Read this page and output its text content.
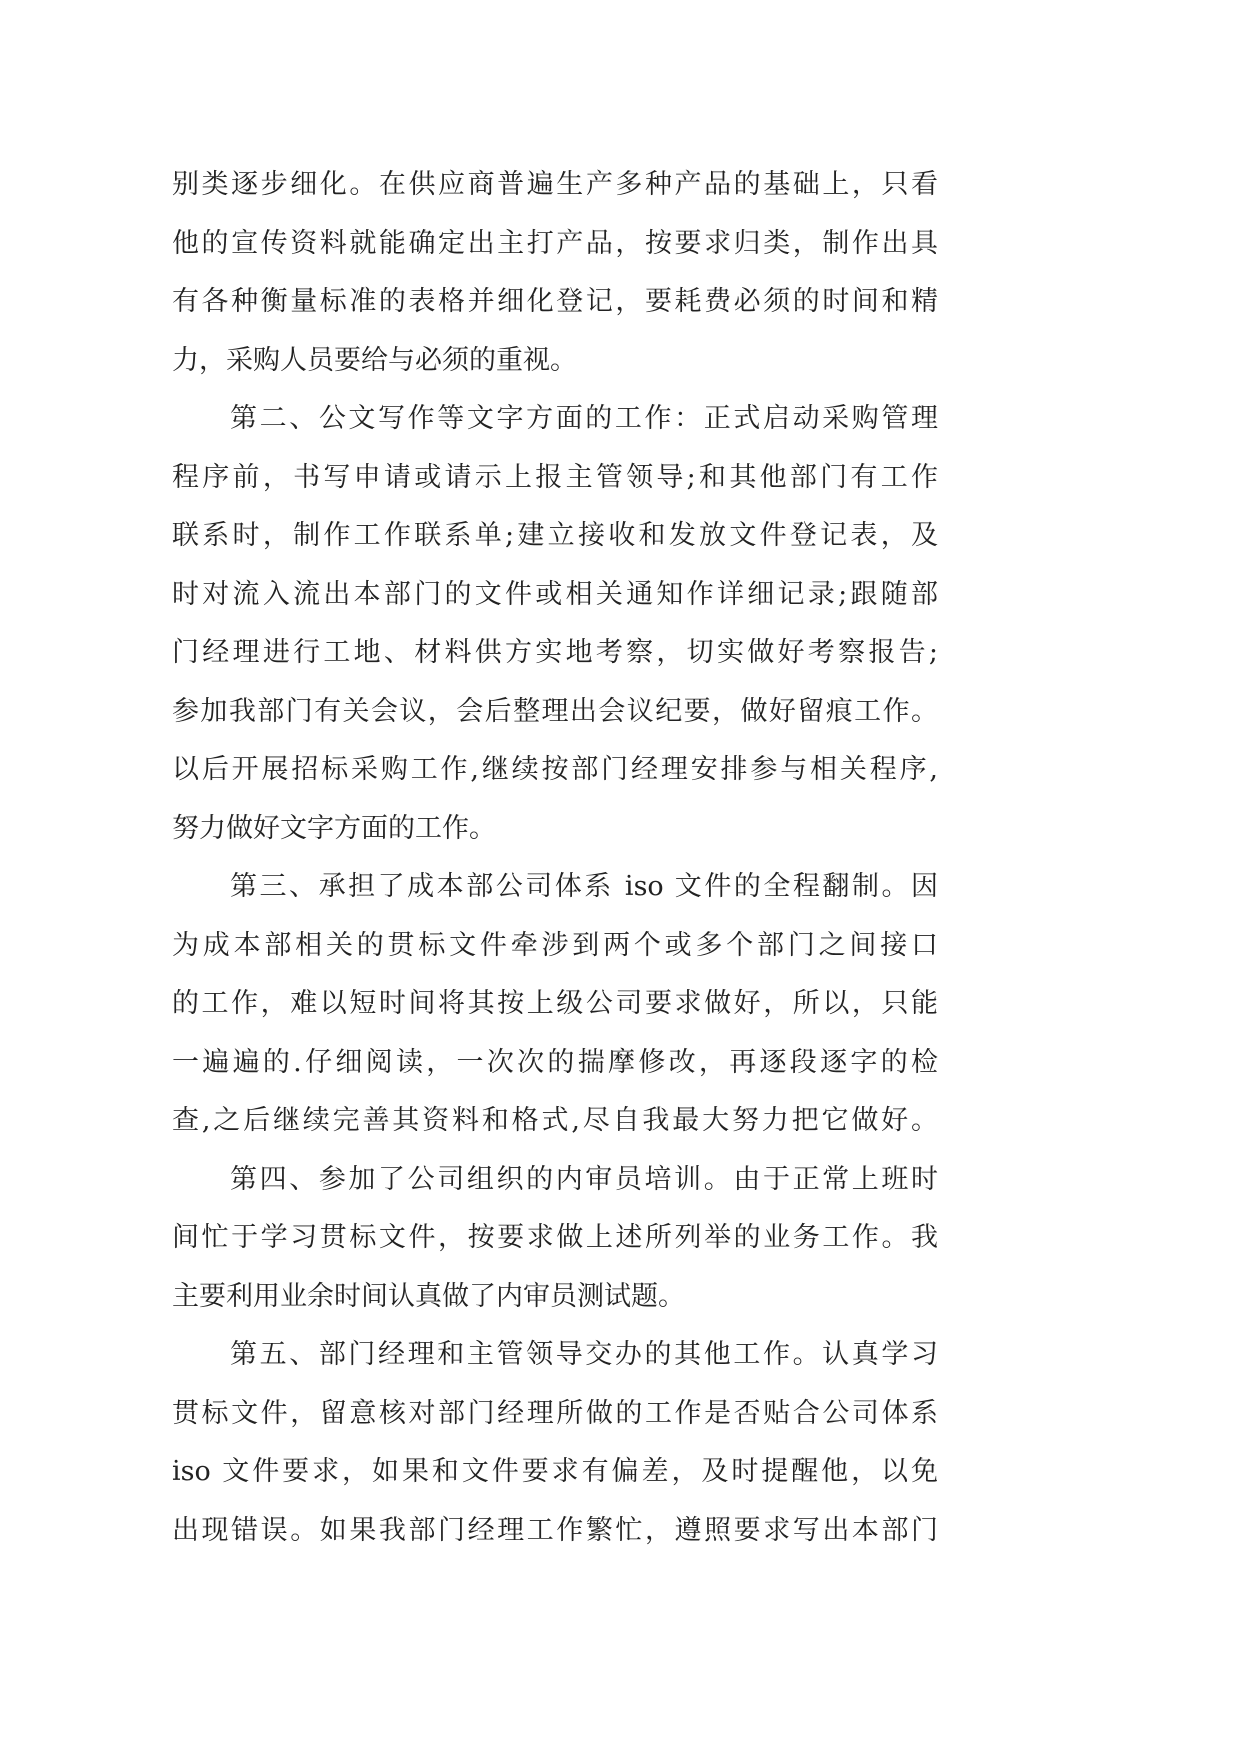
别类逐步细化。在供应商普遍生产多种产品的基础上，只看
他的宣传资料就能确定出主打产品，按要求归类，制作出具
有各种衡量标准的表格并细化登记，要耗费必须的时间和精
力，采购人员要给与必须的重视。
第二、公文写作等文字方面的工作：正式启动采购管理
程序前，书写申请或请示上报主管领导;和其他部门有工作
联系时，制作工作联系单;建立接收和发放文件登记表，及
时对流入流出本部门的文件或相关通知作详细记录;跟随部
门经理进行工地、材料供方实地考察，切实做好考察报告;
参加我部门有关会议，会后整理出会议纪要，做好留痕工作。
以后开展招标采购工作,继续按部门经理安排参与相关程序,
努力做好文字方面的工作。
第三、承担了成本部公司体系 iso 文件的全程翻制。因
为成本部相关的贯标文件牵涉到两个或多个部门之间接口
的工作，难以短时间将其按上级公司要求做好，所以，只能
一遍遍的.仔细阅读，一次次的揣摩修改，再逐段逐字的检
查,之后继续完善其资料和格式,尽自我最大努力把它做好。
第四、参加了公司组织的内审员培训。由于正常上班时
间忙于学习贯标文件，按要求做上述所列举的业务工作。我
主要利用业余时间认真做了内审员测试题。
第五、部门经理和主管领导交办的其他工作。认真学习
贯标文件，留意核对部门经理所做的工作是否贴合公司体系
iso 文件要求，如果和文件要求有偏差，及时提醒他，以免
出现错误。如果我部门经理工作繁忙，遵照要求写出本部门
